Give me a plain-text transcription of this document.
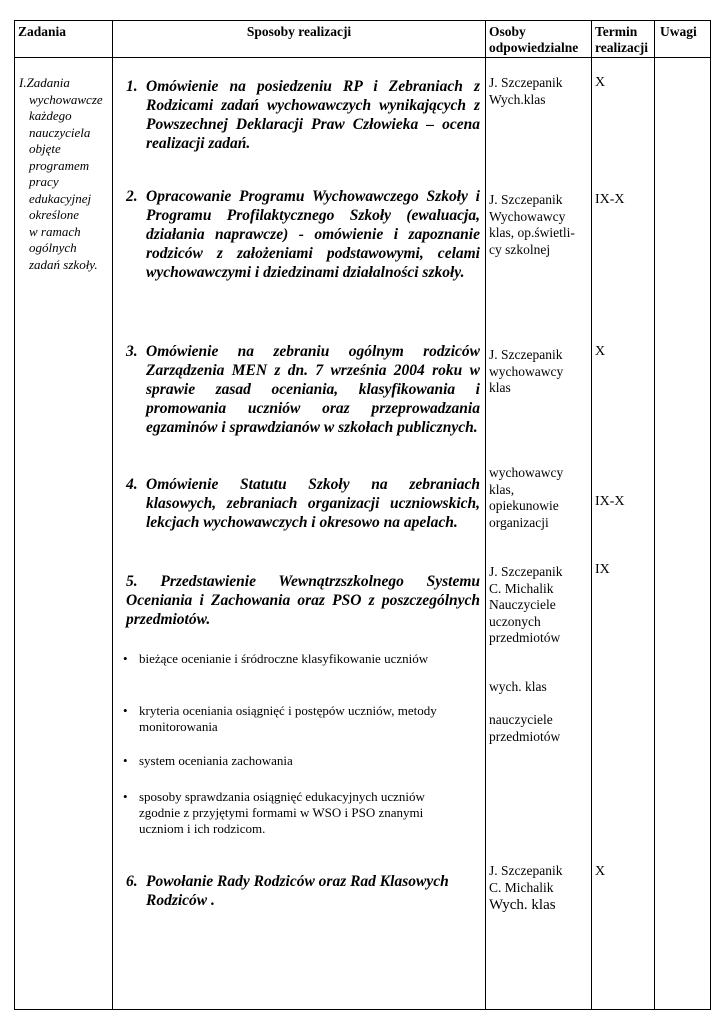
Zadania	Sposoby realizacji	Osoby
odpowiedzialne
Termin
realizacji
Uwagi
I.Zadania
wychowawcze
każdego
nauczyciela
objęte
programem
pracy
edukacyjnej
określone
w ramach
ogólnych
zadań szkoły.
1. Omówienie na posiedzeniu RP i Zebraniach z Rodzicami zadań wychowawczych wynikających z Powszechnej Deklaracji Praw Człowieka – ocena realizacji zadań.
2. Opracowanie Programu Wychowawczego Szkoły i Programu Profilaktycznego Szkoły (ewaluacja, działania naprawcze) - omówienie i zapoznanie rodziców z założeniami podstawowymi, celami wychowawczymi i dziedzinami działalności szkoły.
3. Omówienie na zebraniu ogólnym rodziców Zarządzenia MEN z dn. 7 września 2004 roku w sprawie zasad oceniania, klasyfikowania i promowania uczniów oraz przeprowadzania egzaminów i sprawdzianów w szkołach publicznych.
4. Omówienie Statutu Szkoły na zebraniach klasowych, zebraniach organizacji uczniowskich, lekcjach wychowawczych i okresowo na apelach.
5. Przedstawienie Wewnątrzszkolnego Systemu Oceniania i Zachowania oraz PSO z poszczególnych przedmiotów.
• bieżące ocenianie i śródroczne klasyfikowanie uczniów
• kryteria oceniania osiągnięć i postępów uczniów, metody monitorowania
• system oceniania zachowania
• sposoby sprawdzania osiągnięć edukacyjnych uczniów zgodnie z przyjętymi formami w WSO i PSO znanymi uczniom i ich rodzicom.
6. Powołanie Rady Rodziców oraz Rad Klasowych Rodziców .
J. Szczepanik
Wych.klas
J. Szczepanik
Wychowawcy
klas, op.świetli-
cy szkolnej
J. Szczepanik
wychowawcy
klas
wychowawcy
klas,
opiekunowie
organizacji
J. Szczepanik
C. Michalik
Nauczyciele
uczonych
przedmiotów
wych. klas
nauczyciele
przedmiotów
J. Szczepanik
C. Michalik
Wych. klas
X
IX-X
X
IX-X
IX
X
